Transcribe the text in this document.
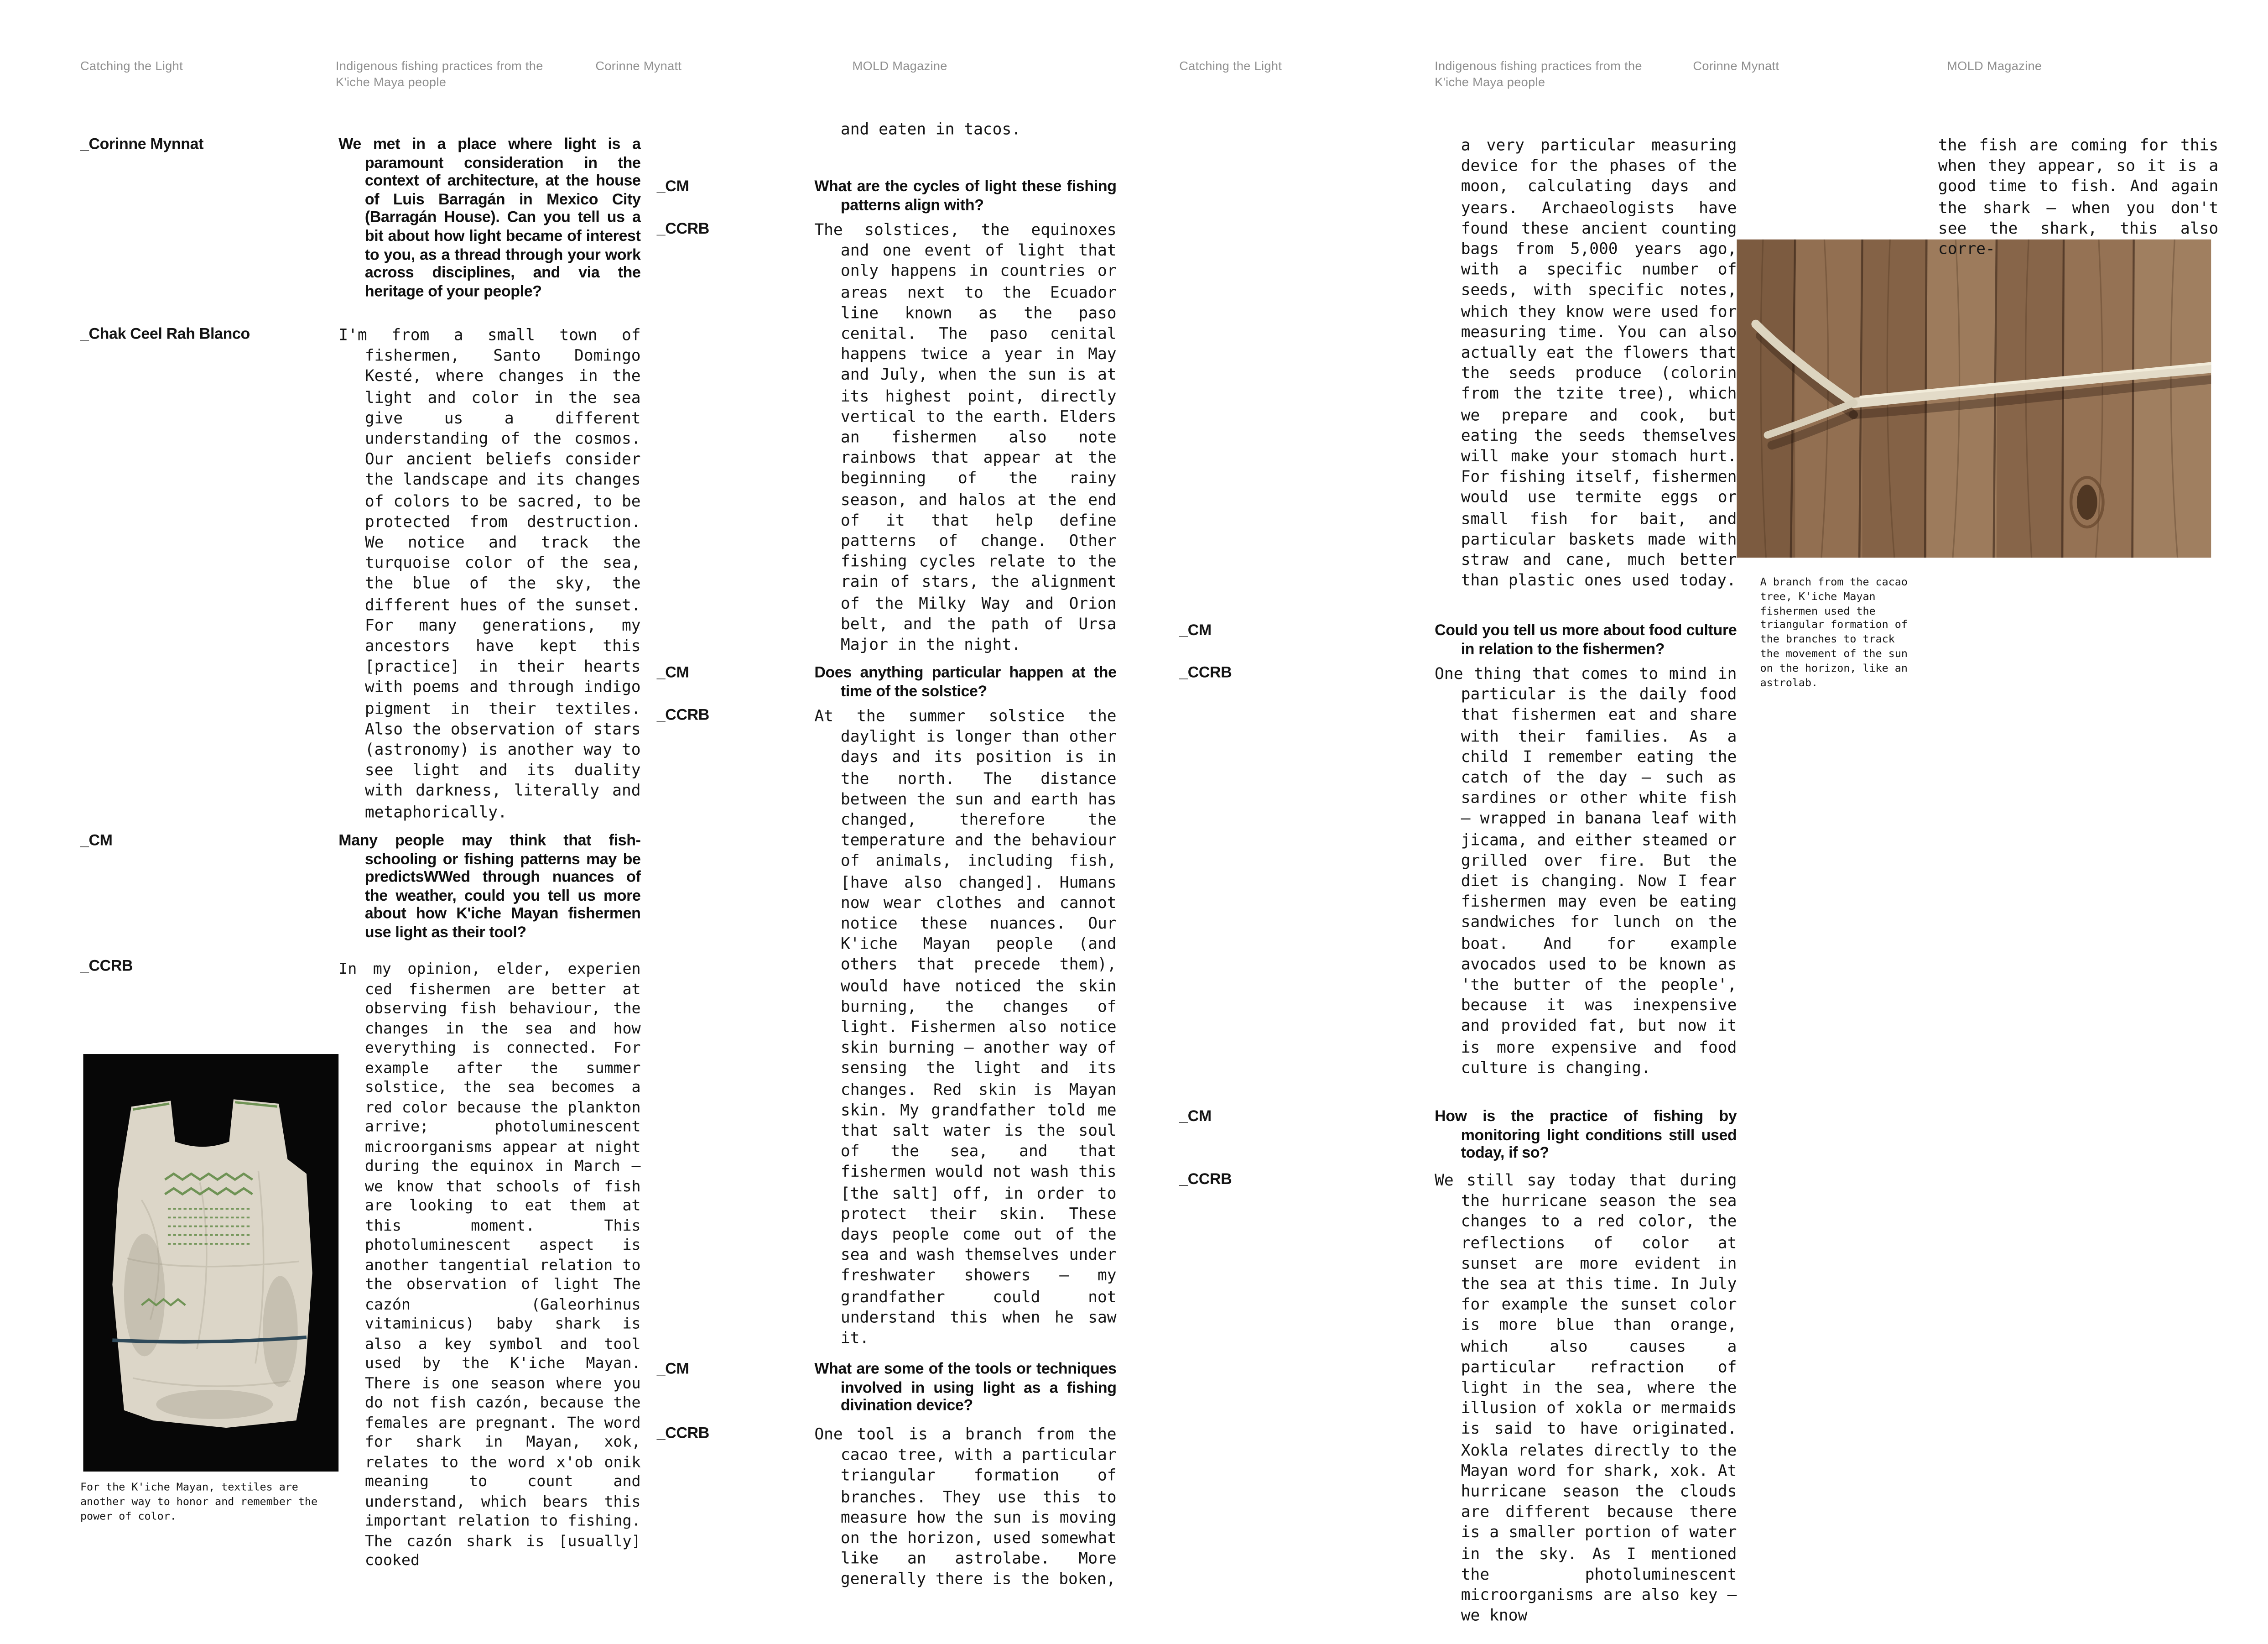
Catching the Light	Indigenous fishing practices from the K'iche Maya people
Corinne Mynatt	MOLD Magazine	Catching the Light	Indigenous fishing practices from the K'iche Maya people
Corinne Mynatt	MOLD Magazine
_Corinne Mynnat
_Chak Ceel Rah Blanco
_CM
_CCRB
We met in a place where light is a paramount consideration in the context of architecture, at the house of Luis Barragán in Mexico City (Barragán House). Can you tell us a bit about how light became of interest to you, as a thread through your work across disciplines, and via the heritage of your people?
I'm from a small town of fishermen, Santo Domingo Kesté, where changes in the light and color in the sea give us a different understanding of the cosmos. Our ancient beliefs consider the landscape and its changes of colors to be sacred, to be protected from destruction. We notice and track the turquoise color of the sea, the blue of the sky, the different hues of the sunset. For many generations, my ancestors have kept this [practice] in their hearts with poems and through indigo pigment in their textiles. Also the observation of stars (astronomy) is another way to see light and its duality with darkness, literally and metaphorically.
Many people may think that fish-schooling or fishing patterns may be predictsWWed through nuances of the weather, could you tell us more about how K'iche Mayan fishermen use light as their tool?
In my opinion, elder, experien ced fishermen are better at observing fish behaviour, the changes in the sea and how everything is connected. For example after the summer solstice, the sea becomes a red color because the plankton arrive; photoluminescent microorganisms appear at night during the equinox in March – we know that schools of fish are looking to eat them at this moment. This photoluminescent aspect is another tangential relation to the observation of light The cazón (Galeorhinus vitaminicus) baby shark is also a key symbol and tool used by the K'iche Mayan. There is one season where you do not fish cazón, because the females are pregnant. The word for shark in Mayan, xok, relates to the word x'ob onik meaning to count and understand, which bears this important relation to fishing. The cazón shark is [usually] cooked
For the K'iche Mayan, textiles are another way to honor and remember the power of color.
_CM
_CCRB
_CM
_CCRB
_CM
_CCRB
and eaten in tacos.
What are the cycles of light these fishing patterns align with?
The solstices, the equinoxes and one event of light that only happens in countries or areas next to the Ecuador line known as the paso cenital. The paso cenital happens twice a year in May and July, when the sun is at its highest point, directly vertical to the earth. Elders an fishermen also note rainbows that appear at the beginning of the rainy season, and halos at the end of it that help define patterns of change. Other fishing cycles relate to the rain of stars, the alignment of the Milky Way and Orion belt, and the path of Ursa Major in the night.
Does anything particular happen at the time of the solstice?
At the summer solstice the daylight is longer than other days and its position is in the north. The distance between the sun and earth has changed, therefore the temperature and the behaviour of animals, including fish, [have also changed]. Humans now wear clothes and cannot notice these nuances. Our K'iche Mayan people (and others that precede them), would have noticed the skin burning, the changes of light. Fishermen also notice skin burning – another way of sensing the light and its changes. Red skin is Mayan skin. My grandfather told me that salt water is the soul of the sea, and that fishermen would not wash this [the salt] off, in order to protect their skin. These days people come out of the sea and wash themselves under freshwater showers – my grandfather could not understand this when he saw it.
What are some of the tools or techniques involved in using light as a fishing divination device?
One tool is a branch from the cacao tree, with a particular triangular formation of branches. They use this to measure how the sun is moving on the horizon, used somewhat like an astrolabe. More generally there is the boken,
_CM
_CCRB
_CM
_CCRB
a very particular measuring device for the phases of the moon, calculating days and years. Archaeologists have found these ancient counting bags from 5,000 years ago, with a specific number of seeds, with specific notes, which they know were used for measuring time. You can also actually eat the flowers that the seeds produce (colorin from the tzite tree), which we prepare and cook, but eating the seeds themselves will make your stomach hurt. For fishing itself, fishermen would use termite eggs or small fish for bait, and particular baskets made with straw and cane, much better than plastic ones used today.
Could you tell us more about food culture in relation to the fishermen?
One thing that comes to mind in particular is the daily food that fishermen eat and share with their families. As a child I remember eating the catch of the day – such as sardines or other white fish – wrapped in banana leaf with jicama, and either steamed or grilled over fire. But the diet is changing. Now I fear fishermen may even be eating sandwiches for lunch on the boat. And for example avocados used to be known as 'the butter of the people', because it was inexpensive and provided fat, but now it is more expensive and food culture is changing.
How is the practice of fishing by monitoring light conditions still used today, if so?
We still say today that during the hurricane season the sea changes to a red color, the reflections of color at sunset are more evident in the sea at this time. In July for example the sunset color is more blue than orange, which also causes a particular refraction of light in the sea, where the illusion of xokla or mermaids is said to have originated. Xokla relates directly to the Mayan word for shark, xok. At hurricane season the clouds are different because there is a smaller portion of water in the sky. As I mentioned the photoluminescent microorganisms are also key – we know
A branch from the cacao tree, K'iche Mayan fishermen used the triangular formation of the branches to track the movement of the sun on the horizon, like an astrolab.
the fish are coming for this when they appear, so it is a good time to fish. And again the shark – when you don't see the shark, this also corre-
